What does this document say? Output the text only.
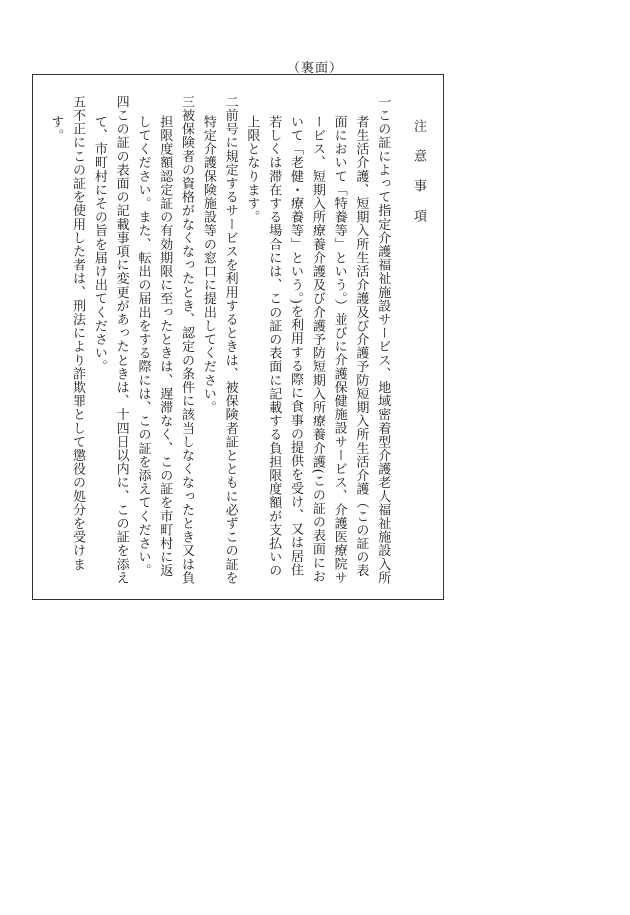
（裏面）
注意事項

一この証によって指定介護福祉施設サービス、地域密着型介護老人福祉施設入所者生活介護、短期入所生活介護及び介護予防短期入所生活介護（この証の表面において「特養等」という。）並びに介護保健施設サービス、介護医療院サービス、短期入所療養介護及び介護予防短期入所療養介護(この証の表面において「老健・療養等」という。)を利用する際に食事の提供を受け、又は居住若しくは滞在する場合には、この証の表面に記載する負担限度額が支払いの上限となります。

二前号に規定するサービスを利用するときは、被保険者証とともに必ずこの証を特定介護保険施設等の窓口に提出してください。

三被保険者の資格がなくなったとき、認定の条件に該当しなくなったとき又は負担限度額認定証の有効期限に至ったときは、遅滞なく、この証を市町村に返してください。また、転出の届出をする際には、この証を添えてください。

四この証の表面の記載事項に変更があったときは、十四日以内に、この証を添えて、市町村にその旨を届け出てください。

五不正にこの証を使用した者は、刑法により詐欺罪として懲役の処分を受けます。
